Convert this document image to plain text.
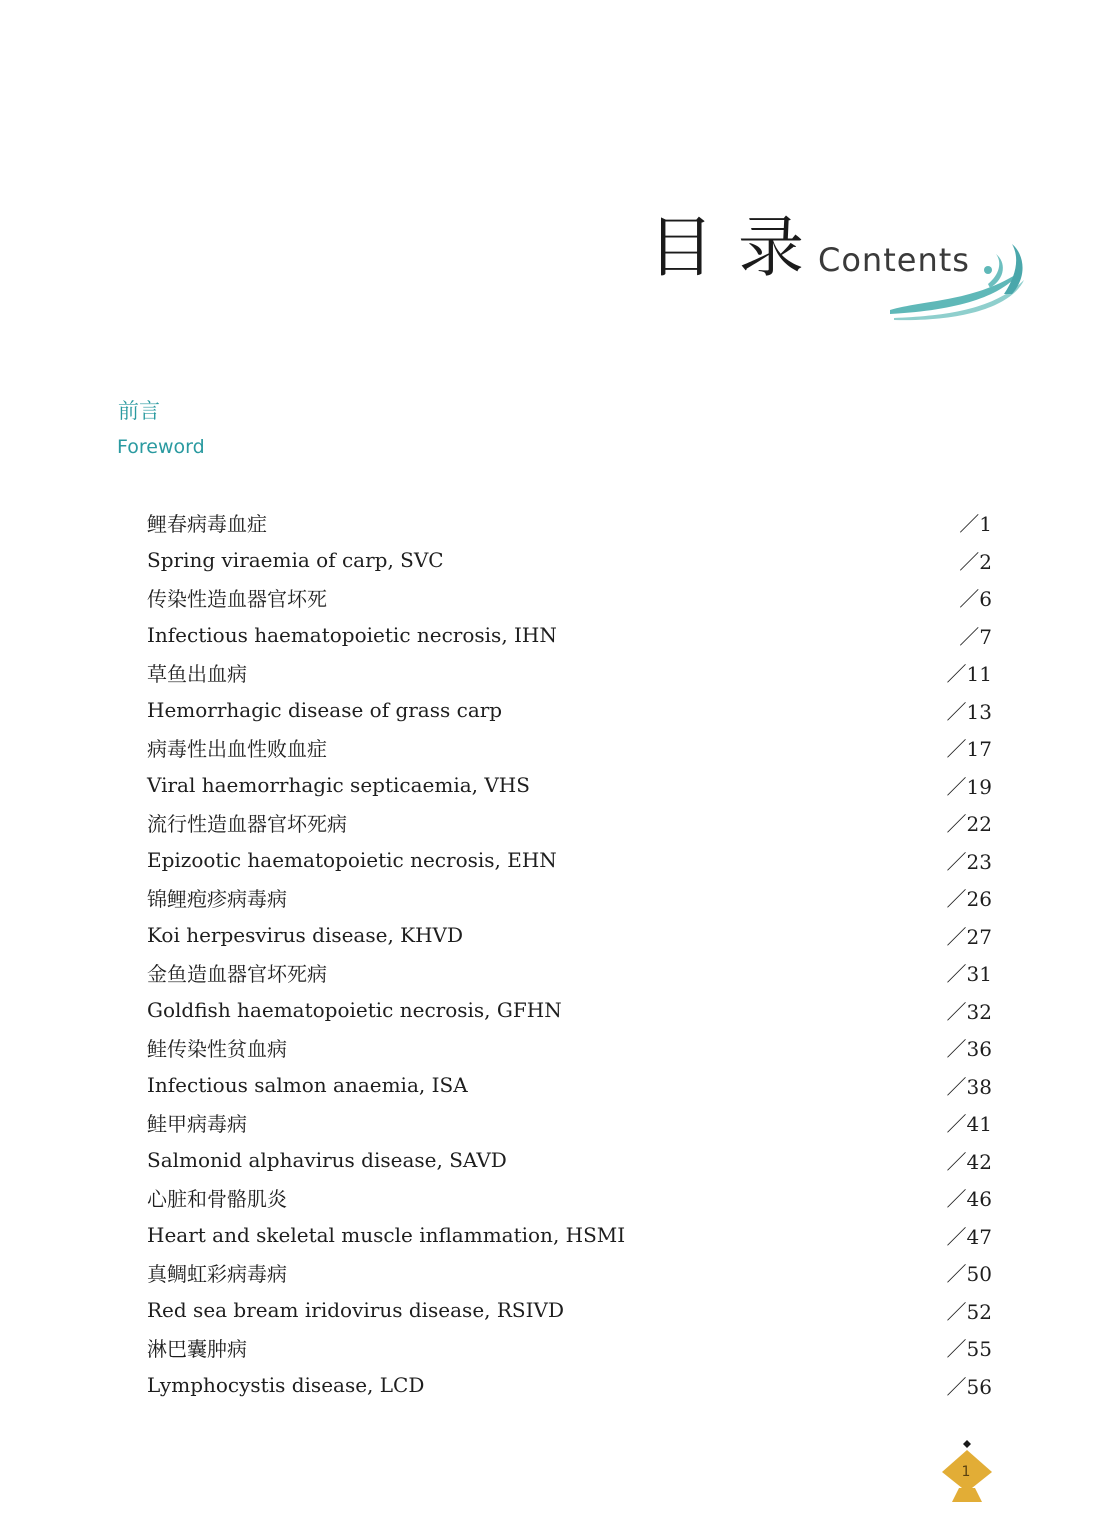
目录
Contents
前言
Foreword
鲤春病毒血症	／1
Spring viraemia of carp, SVC	／2
传染性造血器官坏死	／6
Infectious haematopoietic necrosis, IHN	／7
草鱼出血病	／11
Hemorrhagic disease of grass carp	／13
病毒性出血性败血症	／17
Viral haemorrhagic septicaemia, VHS	／19
流行性造血器官坏死病	／22
Epizootic haematopoietic necrosis, EHN	／23
锦鲤疱疹病毒病	／26
Koi herpesvirus disease, KHVD	／27
金鱼造血器官坏死病	／31
Goldfish haematopoietic necrosis, GFHN	／32
鲑传染性贫血病	／36
Infectious salmon anaemia, ISA	／38
鲑甲病毒病	／41
Salmonid alphavirus disease, SAVD	／42
心脏和骨骼肌炎	／46
Heart and skeletal muscle inflammation, HSMI	／47
真鲷虹彩病毒病	／50
Red sea bream iridovirus disease, RSIVD	／52
淋巴囊肿病	／55
Lymphocystis disease, LCD	／56
1
